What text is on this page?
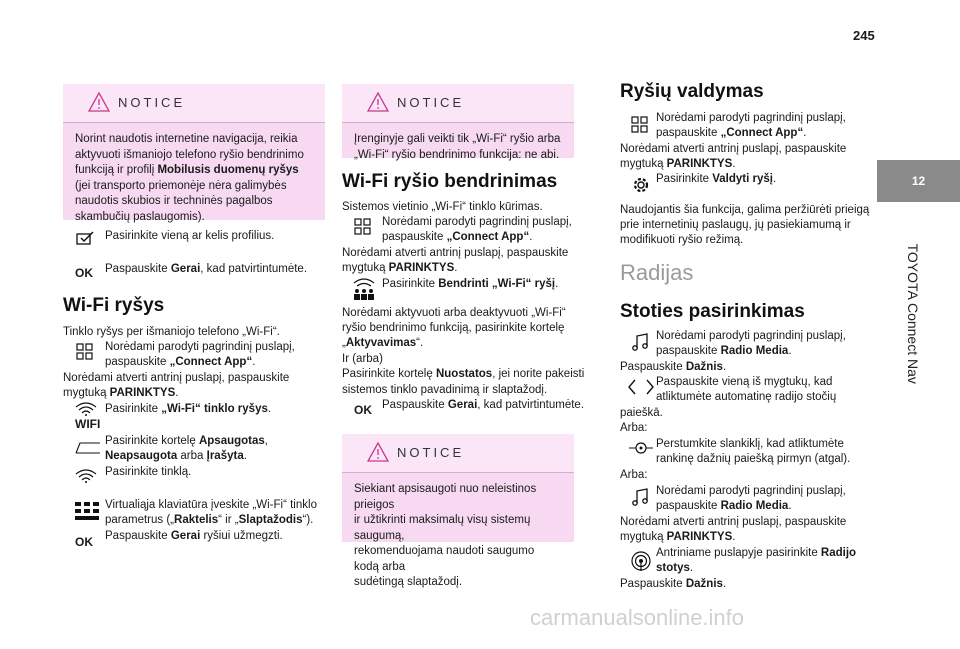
245
12
TOYOTA Connect Nav
NOTICE

Norint naudotis internetine navigacija, reikia

aktyvuoti išmaniojo telefono ryšio bendrinimo

funkciją ir profilį Mobilusis duomenų ryšys

(jei transporto priemonėje nėra galimybės

naudotis skubios ir techninės pagalbos

skambučių paslaugomis).

Pasirinkite vieną ar kelis profilius.
OK Paspauskite Gerai, kad patvirtintumėte.
Wi-Fi ryšys
Tinklo ryšys per išmaniojo telefono „Wi-Fi“.
Norėdami parodyti pagrindinį puslapį,
paspauskite „Connect App“.
Norėdami atverti antrinį puslapį, paspauskite
mygtuką PARINKTYS.
WIFI
Pasirinkite „Wi-Fi“ tinklo ryšys.
Pasirinkite kortelę Apsaugotas,
Neapsaugota arba Įrašyta.
Pasirinkite tinklą.
Virtualiąja klaviatūra įveskite „Wi-Fi“ tinklo
parametrus („Raktelis“ ir „Slaptažodis“).
OK Paspauskite Gerai ryšiui užmegzti.
NOTICE

Įrenginyje gali veikti tik „Wi-Fi“ ryšio arba

„Wi-Fi“ ryšio bendrinimo funkcija: ne abi.

Wi-Fi ryšio bendrinimas
Sistemos vietinio „Wi-Fi“ tinklo kūrimas.
Norėdami parodyti pagrindinį puslapį,
paspauskite „Connect App“.
Norėdami atverti antrinį puslapį, paspauskite
mygtuką PARINKTYS.
Pasirinkite Bendrinti „Wi-Fi“ ryšį.
Norėdami aktyvuoti arba deaktyvuoti „Wi-Fi“
ryšio bendrinimo funkciją, pasirinkite kortelę
„Aktyvavimas“.
Ir (arba)
Pasirinkite kortelę Nuostatos, jei norite pakeisti
sistemos tinklo pavadinimą ir slaptažodį.
OK Paspauskite Gerai, kad patvirtintumėte.
NOTICE

Siekiant apsisaugoti nuo neleistinos prieigos

ir užtikrinti maksimalų visų sistemų saugumą,

rekomenduojama naudoti saugumo kodą arba

sudėtingą slaptažodį.

Ryšių valdymas
Norėdami parodyti pagrindinį puslapį,
paspauskite „Connect App“.
Norėdami atverti antrinį puslapį, paspauskite
mygtuką PARINKTYS.
Pasirinkite Valdyti ryšį.
Naudojantis šia funkcija, galima peržiūrėti prieigą
prie internetinių paslaugų, jų pasiekiamumą ir
modifikuoti ryšio režimą.
Radijas
Stoties pasirinkimas
Norėdami parodyti pagrindinį puslapį,
paspauskite Radio Media.
Paspauskite Dažnis.
Paspauskite vieną iš mygtukų, kad
atliktumėte automatinę radijo stočių
paieškā.
Arba:
Perstumkite slankiklį, kad atliktumėte
rankinę dažnių paiešką pirmyn (atgal).
Arba:
Norėdami parodyti pagrindinį puslapį,
paspauskite Radio Media.
Norėdami atverti antrinį puslapį, paspauskite
mygtuką PARINKTYS.
Antriniame puslapyje pasirinkite Radijo
stotys.
Paspauskite Dažnis.
carmanualsonline.info
